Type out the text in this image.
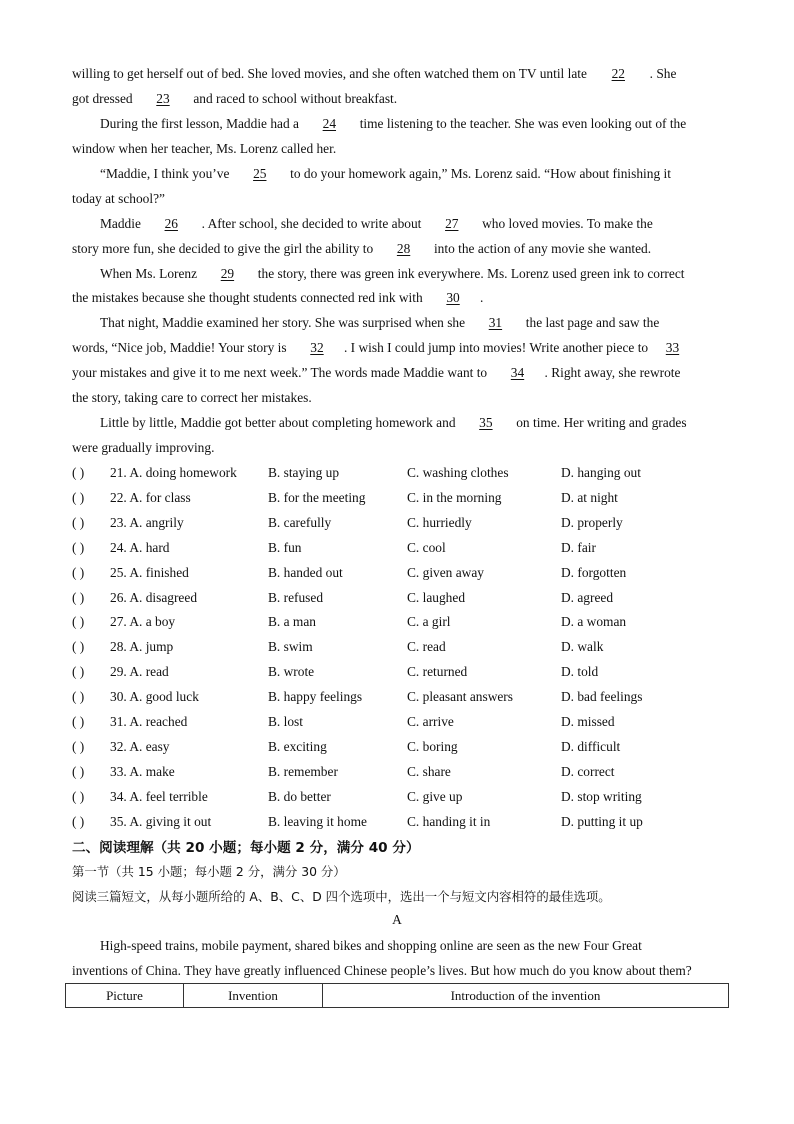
willing to get herself out of bed. She loved movies, and she often watched them on TV until late 22 . She
got dressed 23 and raced to school without breakfast.
During the first lesson, Maddie had a 24 time listening to the teacher. She was even looking out of the
window when her teacher, Ms. Lorenz called her.
“Maddie, I think you’ve 25 to do your homework again,” Ms. Lorenz said. “How about finishing it
today at school?”
Maddie 26 . After school, she decided to write about 27 who loved movies. To make the
story more fun, she decided to give the girl the ability to 28 into the action of any movie she wanted.
When Ms. Lorenz 29 the story, there was green ink everywhere. Ms. Lorenz used green ink to correct
the mistakes because she thought students connected red ink with 30 .
That night, Maddie examined her story. She was surprised when she 31 the last page and saw the
words, “Nice job, Maddie! Your story is 32 . I wish I could jump into movies! Write another piece to 33
your mistakes and give it to me next week.” The words made Maddie want to 34 . Right away, she rewrote
the story, taking care to correct her mistakes.
Little by little, Maddie got better about completing homework and 35 on time. Her writing and grades
were gradually improving.
( ) 21. A. doing homework B. staying up	C. washing clothes	D. hanging out
( ) 22. A. for class	B. for the meeting	C. in the morning	D. at night
( ) 23. A. angrily	B. carefully	C. hurriedly	D. properly
( ) 24. A. hard	B. fun	C. cool	D. fair
( ) 25. A. finished	B. handed out	C. given away	D. forgotten
( ) 26. A. disagreed	B. refused	C. laughed	D. agreed
( ) 27. A. a boy	B. a man	C. a girl	D. a woman
( ) 28. A. jump	B. swim	C. read	D. walk
( ) 29. A. read	B. wrote	C. returned	D. told
( ) 30. A. good luck	B. happy feelings	C. pleasant answers	D. bad feelings
( ) 31. A. reached	B. lost	C. arrive	D. missed
( ) 32. A. easy	B. exciting	C. boring	D. difficult
( ) 33. A. make	B. remember	C. share	D. correct
( ) 34. A. feel terrible	B. do better	C. give up	D. stop writing
( ) 35. A. giving it out	B. leaving it home	C. handing it in	D. putting it up
二、阅读理解（共 20 小题；每小题 2 分，满分 40 分）
第一节（共 15 小题；每小题 2 分，满分 30 分）
阅读三篇短文，从每小题所给的 A、B、C、D 四个选项中，选出一个与短文内容相符的最佳选项。
A
High-speed trains, mobile payment, shared bikes and shopping online are seen as the new Four Great
inventions of China. They have greatly influenced Chinese people’s lives. But how much do you know about them?
Picture	Invention	Introduction of the invention
